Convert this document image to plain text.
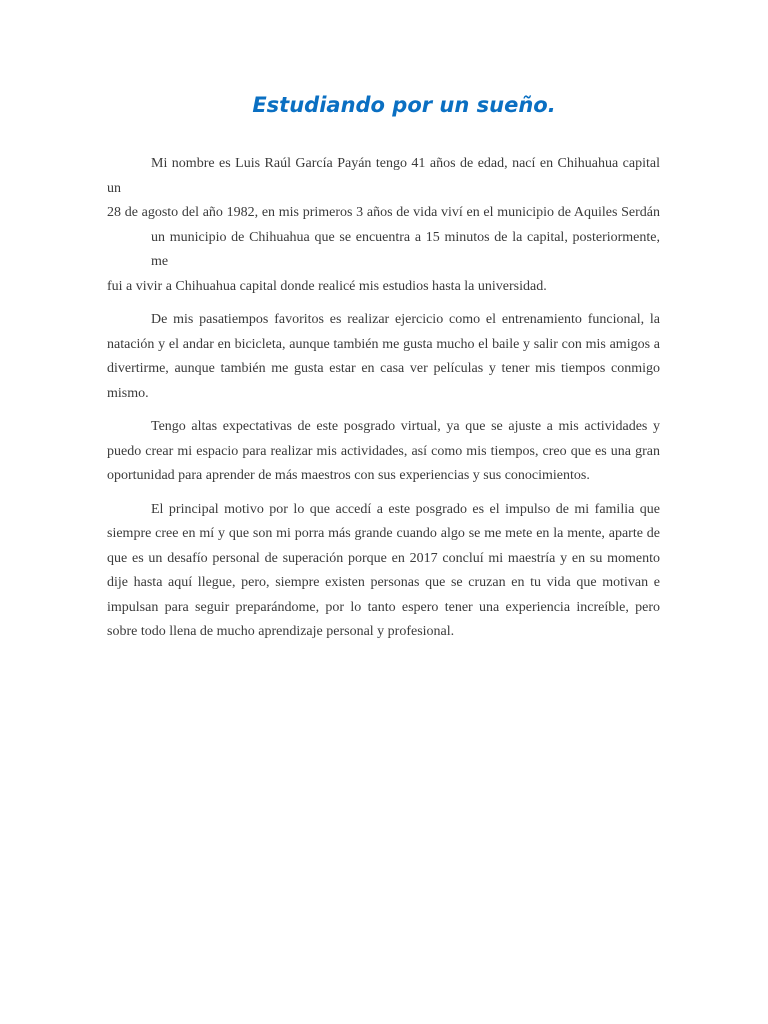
Estudiando por un sueño.
Mi nombre es Luis Raúl García Payán tengo 41 años de edad, nací en Chihuahua capital un
28 de agosto del año 1982, en mis primeros 3 años de vida viví en el municipio de Aquiles Serdán
un municipio de Chihuahua que se encuentra a 15 minutos de la capital, posteriormente, me
fui a vivir a Chihuahua capital donde realicé mis estudios hasta la universidad.

De mis pasatiempos favoritos es realizar ejercicio como el entrenamiento funcional, la natación y el andar en bicicleta, aunque también me gusta mucho el baile y salir con mis amigos a divertirme, aunque también me gusta estar en casa ver películas y tener mis tiempos conmigo mismo.

Tengo altas expectativas de este posgrado virtual, ya que se ajuste a mis actividades y puedo crear mi espacio para realizar mis actividades, así como mis tiempos, creo que es una gran oportunidad para aprender de más maestros con sus experiencias y sus conocimientos.

El principal motivo por lo que accedí a este posgrado es el impulso de mi familia que siempre cree en mí y que son mi porra más grande cuando algo se me mete en la mente, aparte de que es un desafío personal de superación porque en 2017 concluí mi maestría y en su momento dije hasta aquí llegue, pero, siempre existen personas que se cruzan en tu vida que motivan e impulsan para seguir preparándome, por lo tanto espero tener una experiencia increíble, pero sobre todo llena de mucho aprendizaje personal y profesional.
